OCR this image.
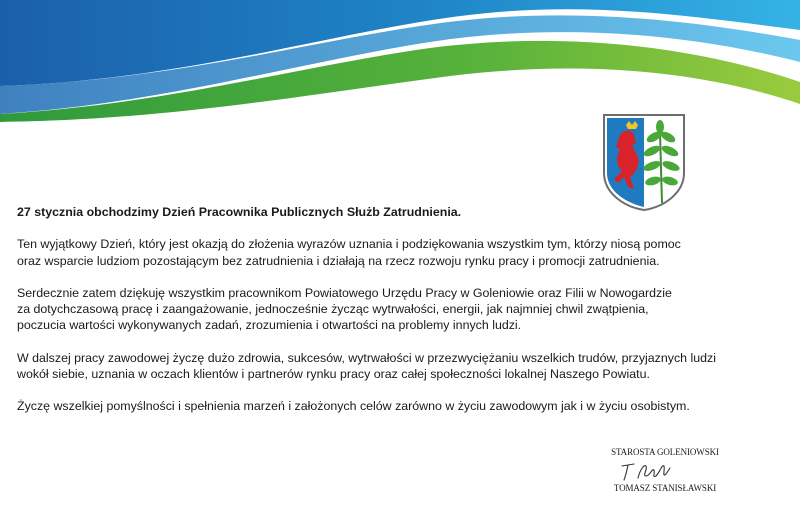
27 stycznia obchodzimy Dzień Pracownika Publicznych Służb Zatrudnienia.

Ten wyjątkowy Dzień, który jest okazją do złożenia wyrazów uznania i podziękowania wszystkim tym, którzy niosą pomoc
oraz wsparcie ludziom pozostającym bez zatrudnienia i działają na rzecz rozwoju rynku pracy i promocji zatrudnienia.

Serdecznie zatem dziękuję wszystkim pracownikom Powiatowego Urzędu Pracy w Goleniowie oraz Filii w Nowogardzie
za dotychczasową pracę i zaangażowanie, jednocześnie życząc wytrwałości, energii, jak najmniej chwil zwątpienia,
poczucia wartości wykonywanych zadań, zrozumienia i otwartości na problemy innych ludzi.

W dalszej pracy zawodowej życzę dużo zdrowia, sukcesów, wytrwałości w przezwyciężaniu wszelkich trudów, przyjaznych ludzi
wokół siebie, uznania w oczach klientów i partnerów rynku pracy oraz całej społeczności lokalnej Naszego Powiatu.

Życzę wszelkiej pomyślności i spełnienia marzeń i założonych celów zarówno w życiu zawodowym jak i w życiu osobistym.

STAROSTA GOLENIOWSKI
TOMASZ STANISŁAWSKI
